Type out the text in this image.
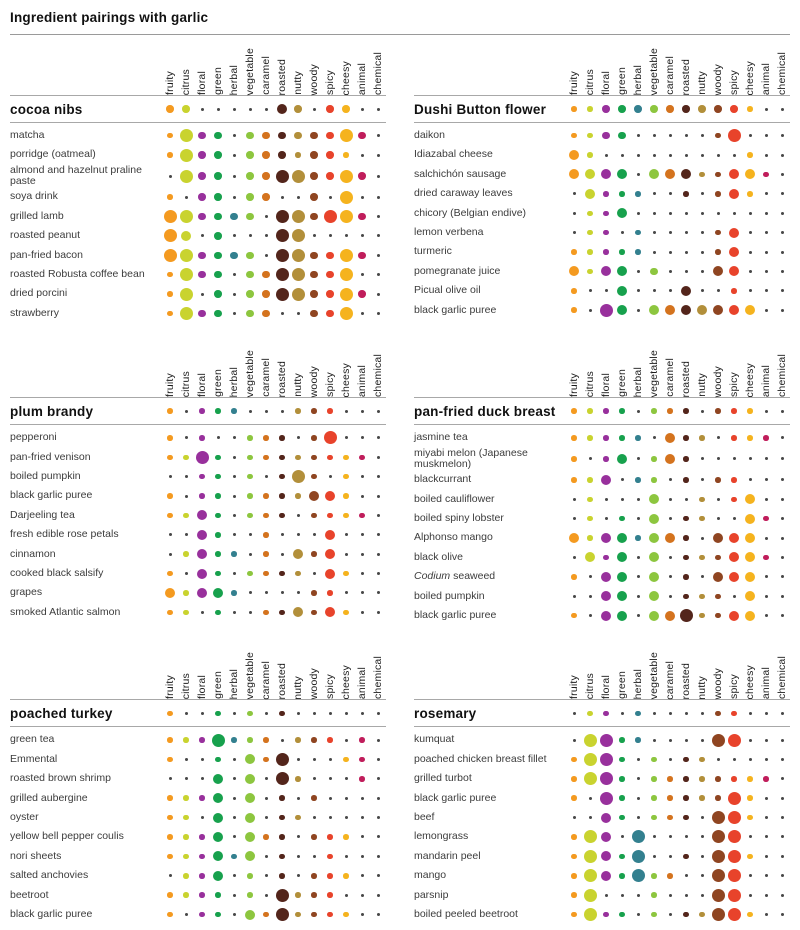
Ingredient pairings with garlic
fruity citrus floral green herbal vegetable caramel roasted nutty woody spicy cheesy animal chemical
cocoa nibs
matcha
porridge (oatmeal)
almond and hazelnut praline paste
soya drink
grilled lamb
roasted peanut
pan-fried bacon
roasted Robusta coffee bean
dried porcini
strawberry
fruity citrus floral green herbal vegetable caramel roasted nutty woody spicy cheesy animal chemical
Dushi Button flower
daikon
Idiazabal cheese
salchichón sausage
dried caraway leaves
chicory (Belgian endive)
lemon verbena
turmeric
pomegranate juice
Picual olive oil
black garlic puree
fruity citrus floral green herbal vegetable caramel roasted nutty woody spicy cheesy animal chemical
plum brandy
pepperoni
pan-fried venison
boiled pumpkin
black garlic puree
Darjeeling tea
fresh edible rose petals
cinnamon
cooked black salsify
grapes
smoked Atlantic salmon
fruity citrus floral green herbal vegetable caramel roasted nutty woody spicy cheesy animal chemical
pan-fried duck breast
jasmine tea
miyabi melon (Japanese muskmelon)
blackcurrant
boiled cauliflower
boiled spiny lobster
Alphonso mango
black olive
Codium seaweed
boiled pumpkin
black garlic puree
fruity citrus floral green herbal vegetable caramel roasted nutty woody spicy cheesy animal chemical
poached turkey
green tea
Emmental
roasted brown shrimp
grilled aubergine
oyster
yellow bell pepper coulis
nori sheets
salted anchovies
beetroot
black garlic puree
fruity citrus floral green herbal vegetable caramel roasted nutty woody spicy cheesy animal chemical
rosemary
kumquat
poached chicken breast fillet
grilled turbot
black garlic puree
beef
lemongrass
mandarin peel
mango
parsnip
boiled peeled beetroot
